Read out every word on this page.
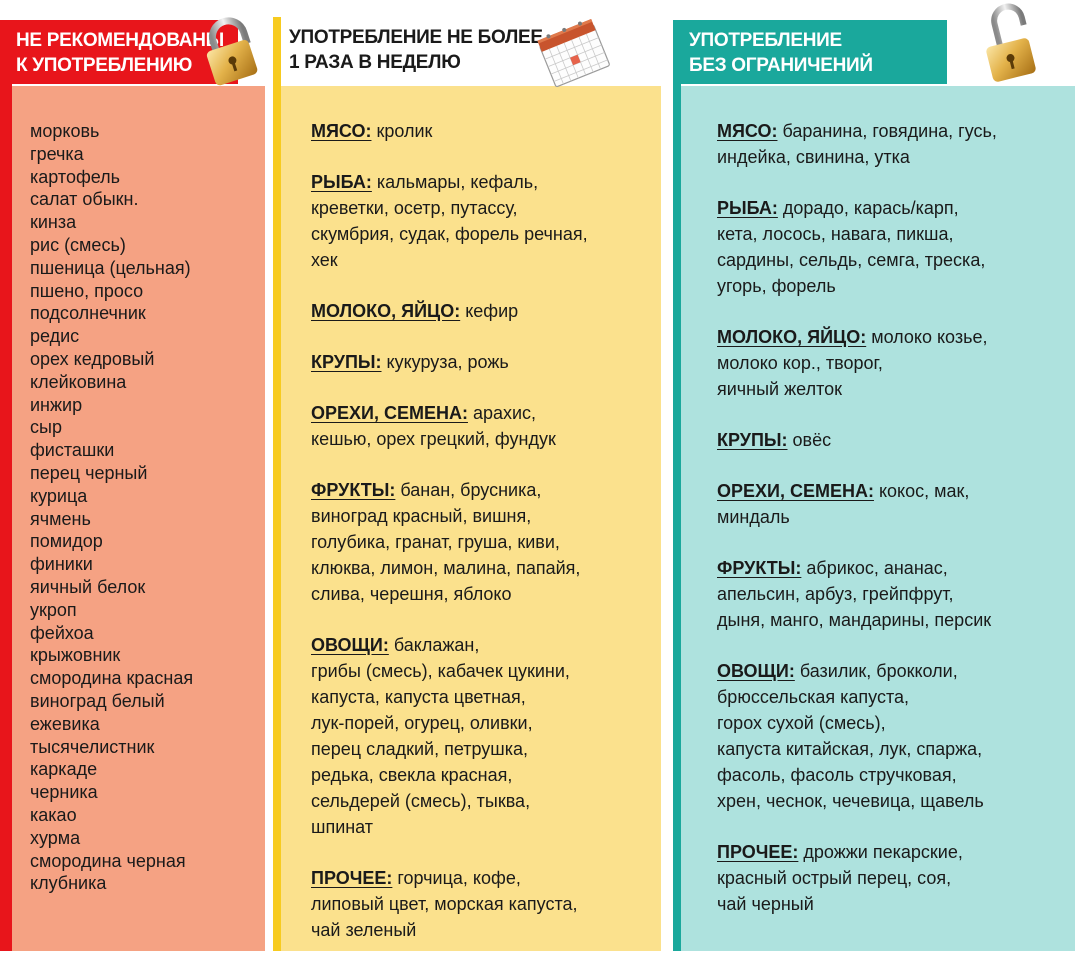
морковь
гречка
картофель
салат обыкн.
кинза
рис (смесь)
пшеница (цельная)
пшено, просо
подсолнечник
редис
орех кедровый
клейковина
инжир
сыр
фисташки
перец черный
курица
ячмень
помидор
финики
яичный белок
укроп
фейхоа
крыжовник
смородина красная
виноград белый
ежевика
тысячелистник
каркаде
черника
какао
хурма
смородина черная
клубника
НЕ РЕКОМЕНДОВАНЫ
К УПОТРЕБЛЕНИЮ
МЯСО: кролик
РЫБА: кальмары, кефаль,
креветки, осетр, путассу,
скумбрия, судак, форель речная,
хек
МОЛОКО, ЯЙЦО: кефир
КРУПЫ: кукуруза, рожь
ОРЕХИ, СЕМЕНА: арахис,
кешью, орех грецкий, фундук
ФРУКТЫ: банан, брусника,
виноград красный, вишня,
голубика, гранат, груша, киви,
клюква, лимон, малина, папайя,
слива, черешня, яблоко
ОВОЩИ: баклажан,
грибы (смесь), кабачек цукини,
капуста, капуста цветная,
лук-порей, огурец, оливки,
перец сладкий, петрушка,
редька, свекла красная,
сельдерей (смесь), тыква,
шпинат
ПРОЧЕЕ: горчица, кофе,
липовый цвет, морская капуста,
чай зеленый
УПОТРЕБЛЕНИЕ НЕ БОЛЕЕ
1 РАЗА В НЕДЕЛЮ
МЯСО: баранина, говядина, гусь,
индейка, свинина, утка
РЫБА: дорадо, карась/карп,
кета, лосось, навага, пикша,
сардины, сельдь, семга, треска,
угорь, форель
МОЛОКО, ЯЙЦО: молоко козье,
молоко кор., творог,
яичный желток
КРУПЫ: овёс
ОРЕХИ, СЕМЕНА: кокос, мак,
миндаль
ФРУКТЫ: абрикос, ананас,
апельсин, арбуз, грейпфрут,
дыня, манго, мандарины, персик
ОВОЩИ: базилик, брокколи,
брюссельская капуста,
горох сухой (смесь),
капуста китайская, лук, спаржа,
фасоль, фасоль стручковая,
хрен, чеснок, чечевица, щавель
ПРОЧЕЕ: дрожжи пекарские,
красный острый перец, соя,
чай черный
УПОТРЕБЛЕНИЕ
БЕЗ ОГРАНИЧЕНИЙ
